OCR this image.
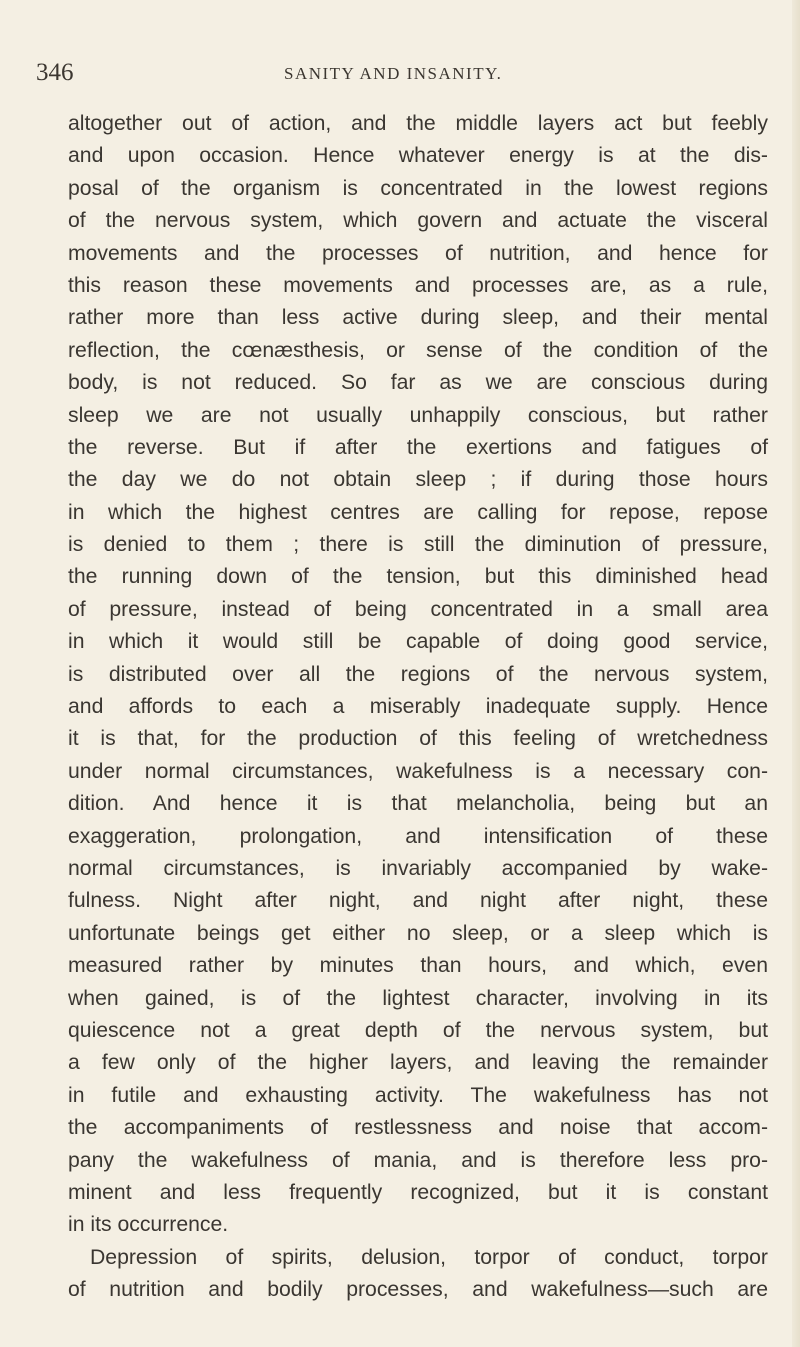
346	SANITY AND INSANITY.
altogether out of action, and the middle layers act but feebly
and upon occasion. Hence whatever energy is at the dis-
posal of the organism is concentrated in the lowest regions
of the nervous system, which govern and actuate the visceral
movements and the processes of nutrition, and hence for
this reason these movements and processes are, as a rule,
rather more than less active during sleep, and their mental
reflection, the cœnæsthesis, or sense of the condition of the
body, is not reduced. So far as we are conscious during
sleep we are not usually unhappily conscious, but rather
the reverse. But if after the exertions and fatigues of
the day we do not obtain sleep ; if during those hours
in which the highest centres are calling for repose, repose
is denied to them ; there is still the diminution of pressure,
the running down of the tension, but this diminished head
of pressure, instead of being concentrated in a small area
in which it would still be capable of doing good service,
is distributed over all the regions of the nervous system,
and affords to each a miserably inadequate supply. Hence
it is that, for the production of this feeling of wretchedness
under normal circumstances, wakefulness is a necessary con-
dition. And hence it is that melancholia, being but an
exaggeration, prolongation, and intensification of these
normal circumstances, is invariably accompanied by wake-
fulness. Night after night, and night after night, these
unfortunate beings get either no sleep, or a sleep which is
measured rather by minutes than hours, and which, even
when gained, is of the lightest character, involving in its
quiescence not a great depth of the nervous system, but
a few only of the higher layers, and leaving the remainder
in futile and exhausting activity. The wakefulness has not
the accompaniments of restlessness and noise that accom-
pany the wakefulness of mania, and is therefore less pro-
minent and less frequently recognized, but it is constant
in its occurrence.
Depression of spirits, delusion, torpor of conduct, torpor
of nutrition and bodily processes, and wakefulness—such are
